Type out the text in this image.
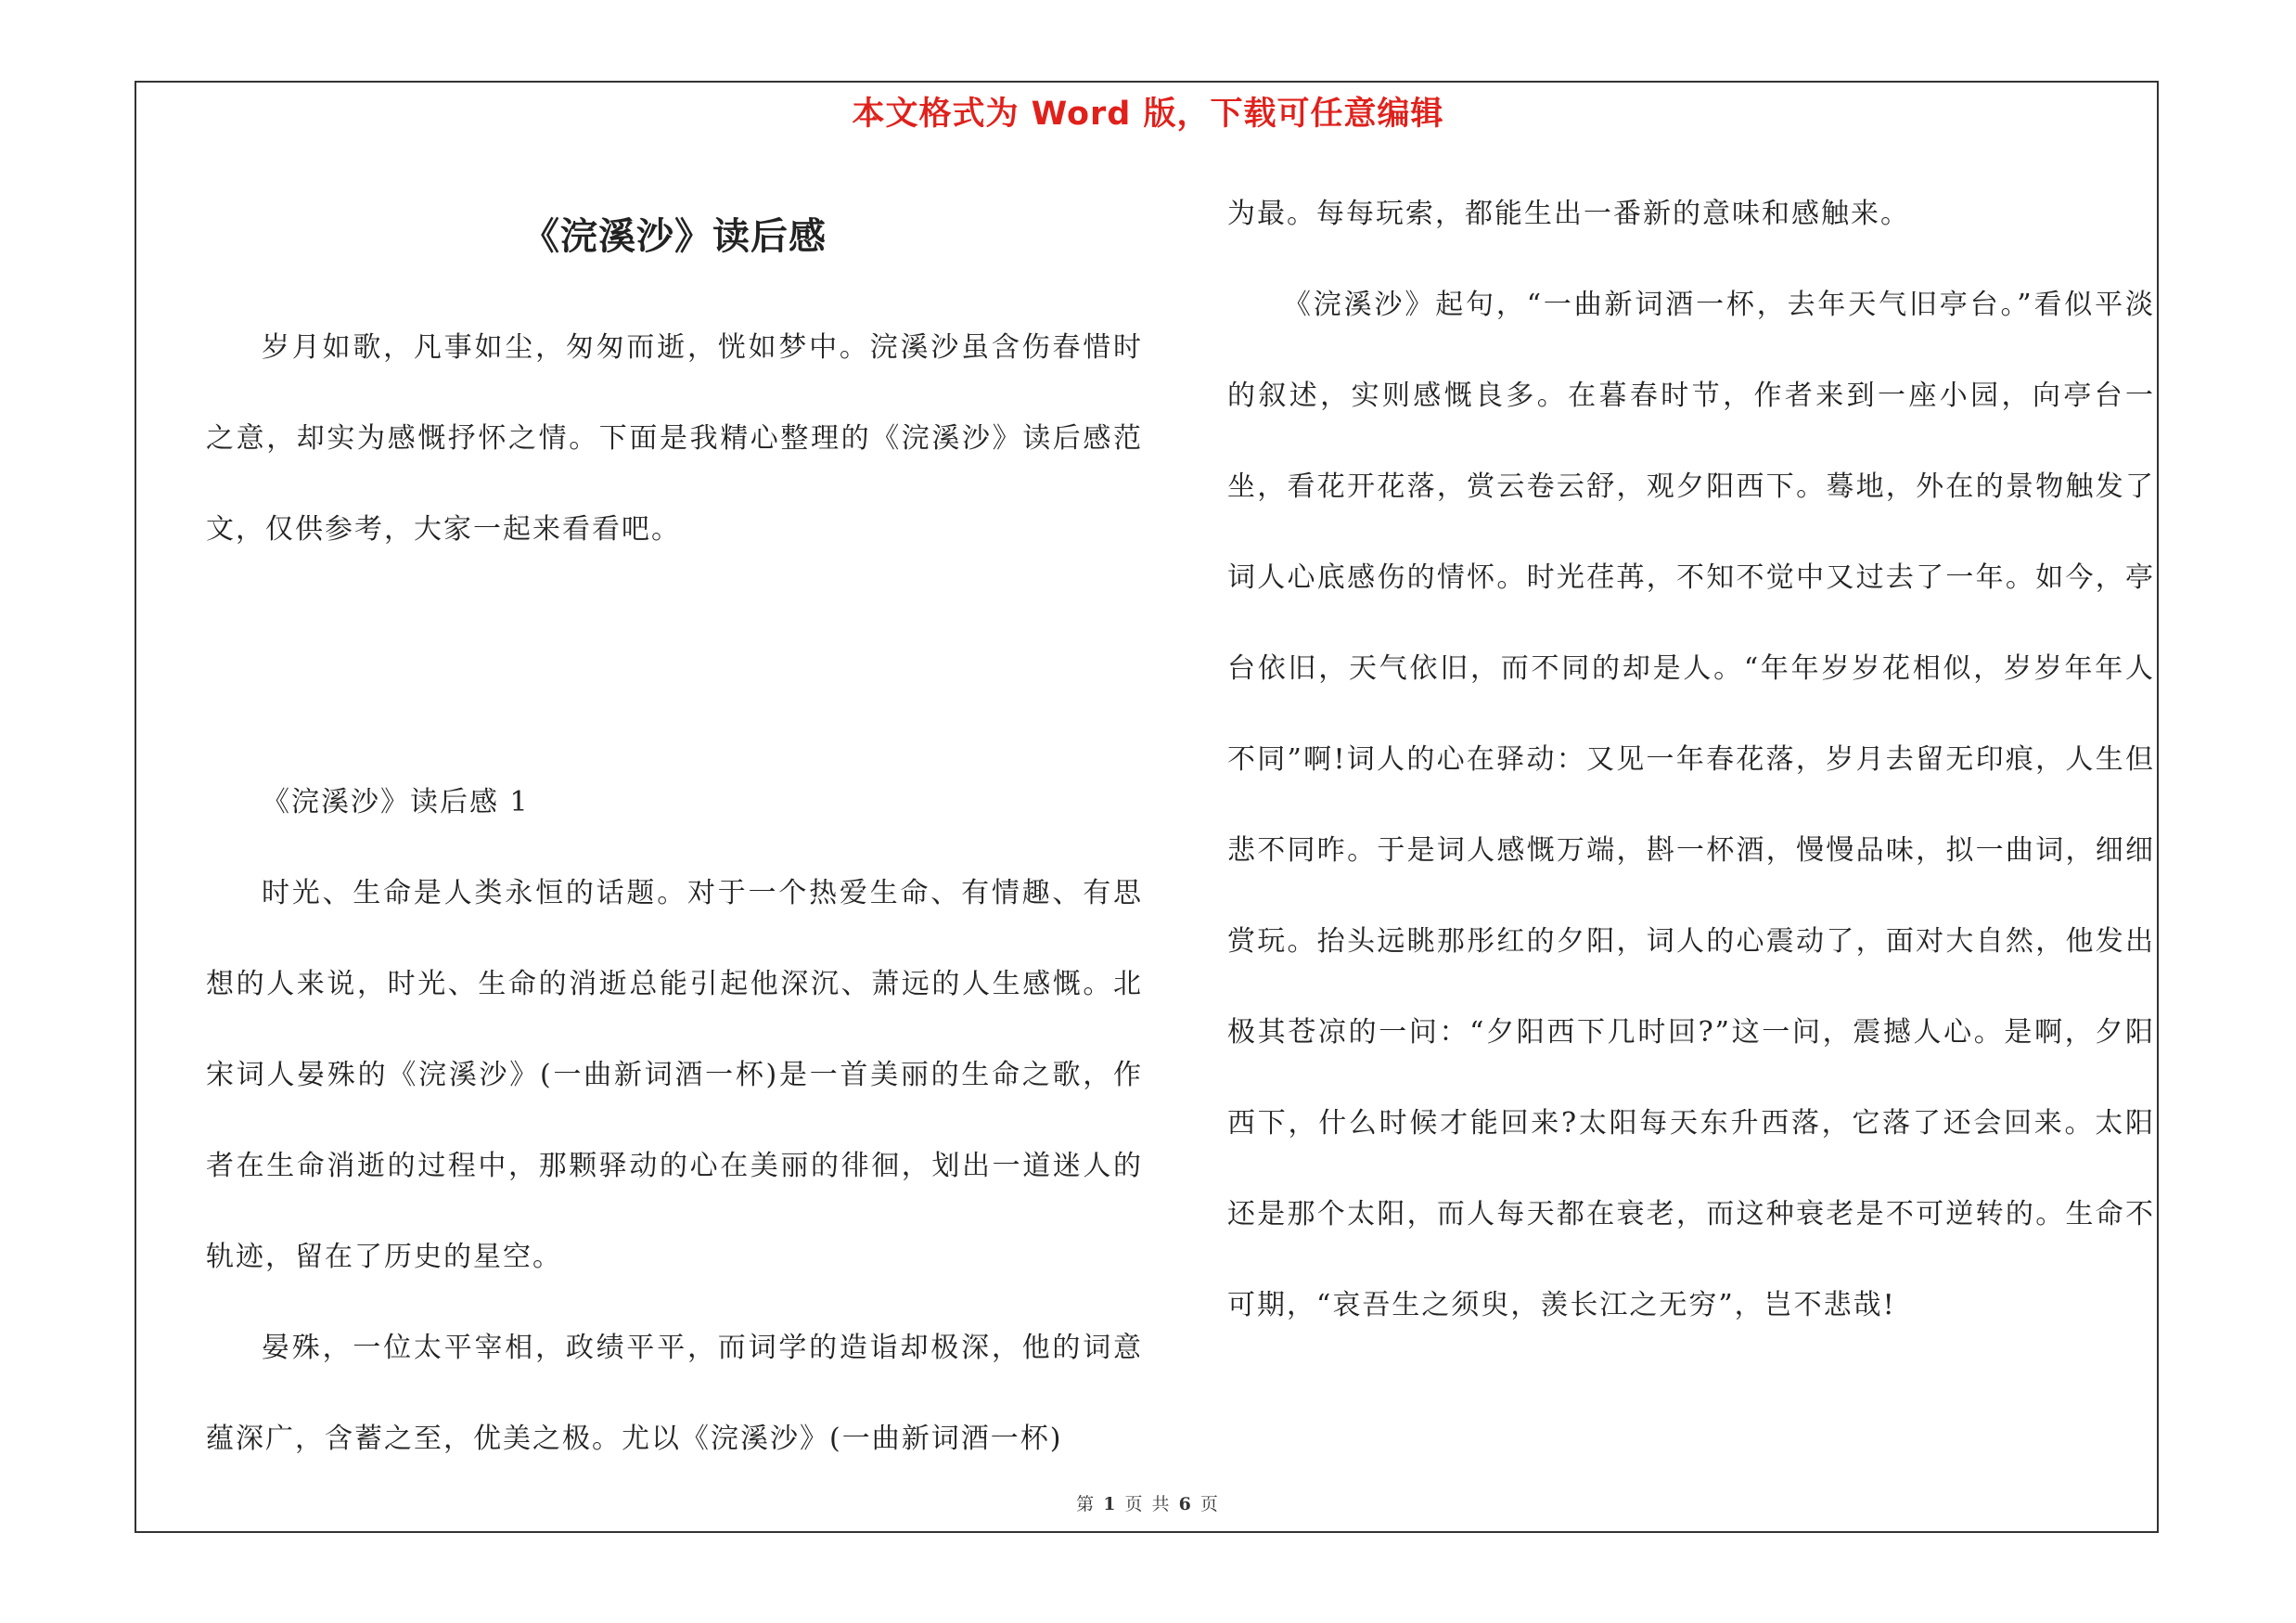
本文格式为 Word 版，下载可任意编辑
《浣溪沙》读后感

岁月如歌，凡事如尘，匆匆而逝，恍如梦中。浣溪沙虽含伤春惜时之意，却实为感慨抒怀之情。下面是我精心整理的《浣溪沙》读后感范文，仅供参考，大家一起来看看吧。

《浣溪沙》读后感 1

时光、生命是人类永恒的话题。对于一个热爱生命、有情趣、有思想的人来说，时光、生命的消逝总能引起他深沉、萧远的人生感慨。北宋词人晏殊的《浣溪沙》(一曲新词酒一杯)是一首美丽的生命之歌，作者在生命消逝的过程中，那颗驿动的心在美丽的徘徊，划出一道迷人的轨迹，留在了历史的星空。

晏殊，一位太平宰相，政绩平平，而词学的造诣却极深，他的词意蕴深广，含蓄之至，优美之极。尤以《浣溪沙》(一曲新词酒一杯)

为最。每每玩索，都能生出一番新的意味和感触来。

《浣溪沙》起句，“一曲新词酒一杯，去年天气旧亭台。”看似平淡的叙述，实则感慨良多。在暮春时节，作者来到一座小园，向亭台一坐，看花开花落，赏云卷云舒，观夕阳西下。蓦地，外在的景物触发了词人心底感伤的情怀。时光荏苒，不知不觉中又过去了一年。如今，亭台依旧，天气依旧，而不同的却是人。“年年岁岁花相似，岁岁年年人不同”啊!词人的心在驿动：又见一年春花落，岁月去留无印痕，人生但悲不同昨。于是词人感慨万端，斟一杯酒，慢慢品味，拟一曲词，细细赏玩。抬头远眺那彤红的夕阳，词人的心震动了，面对大自然，他发出极其苍凉的一问：“夕阳西下几时回?”这一问，震撼人心。是啊，夕阳西下，什么时候才能回来?太阳每天东升西落，它落了还会回来。太阳还是那个太阳，而人每天都在衰老，而这种衰老是不可逆转的。生命不可期，“哀吾生之须臾，羡长江之无穷”，岂不悲哉!

第 1 页 共 6 页
